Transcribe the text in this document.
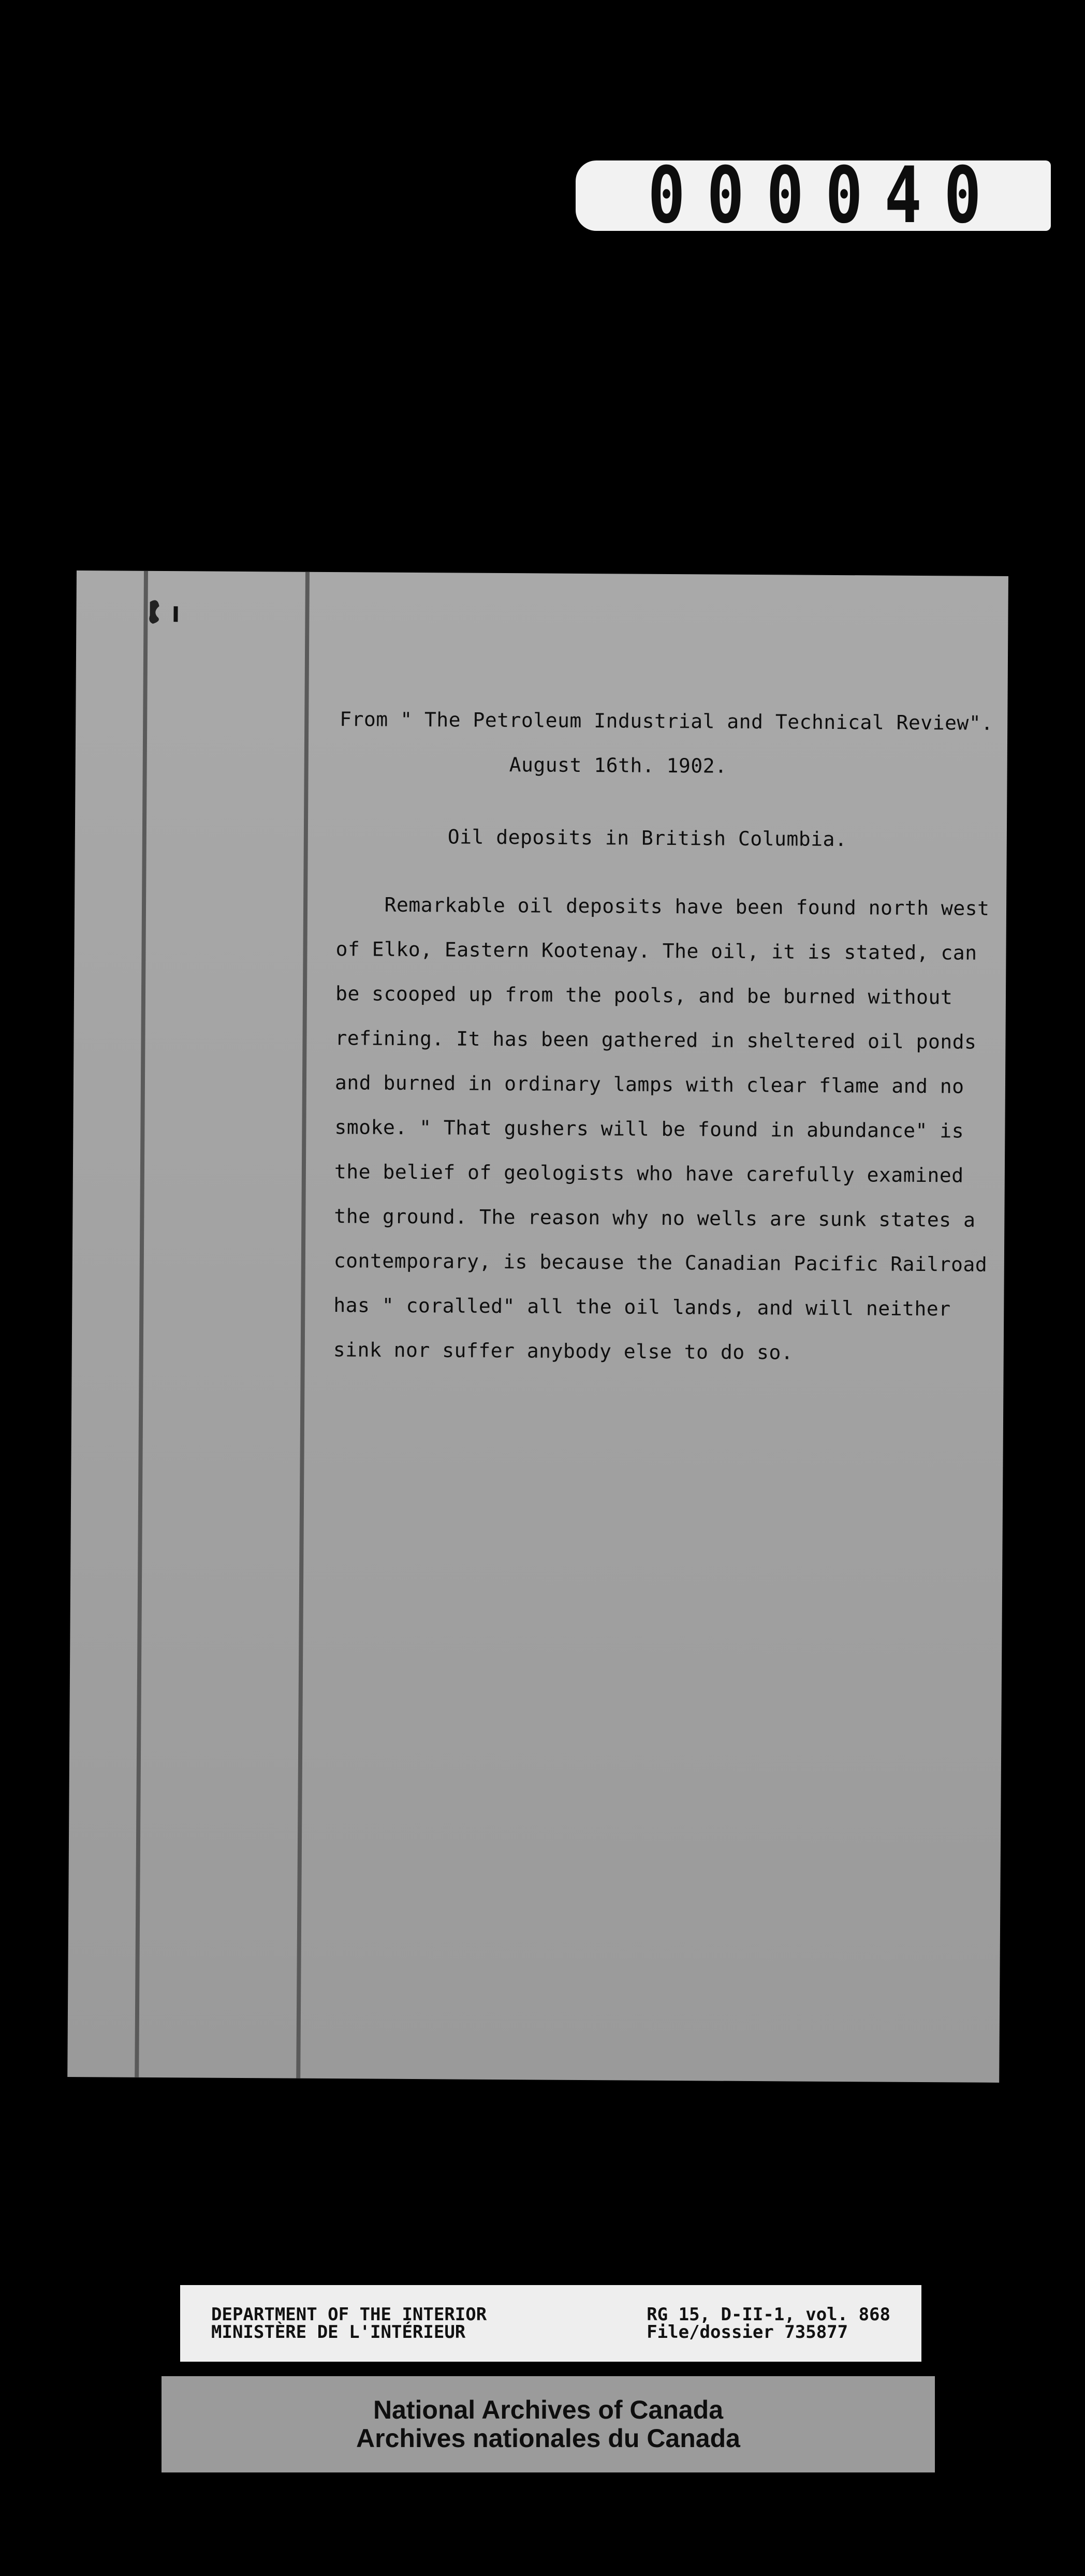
0 0 0 0 4 0
From " The Petroleum Industrial and Technical Review".
August 16th. 1902.
Oil deposits in British Columbia.
Remarkable oil deposits have been found north west
of Elko, Eastern Kootenay. The oil, it is stated, can
be scooped up from the pools, and be burned without
refining. It has been gathered in sheltered oil ponds
and burned in ordinary lamps with clear flame and no
smoke. " That gushers will be found in abundance" is
the belief of geologists who have carefully examined
the ground. The reason why no wells are sunk states a
contemporary, is because the Canadian Pacific Railroad
has " coralled" all the oil lands, and will neither
sink nor suffer anybody else to do so.
DEPARTMENT OF THE INTERIOR
MINISTÈRE DE L'INTÉRIEUR
RG 15, D-II-1, vol. 868
File/dossier 735877
National Archives of Canada
Archives nationales du Canada
